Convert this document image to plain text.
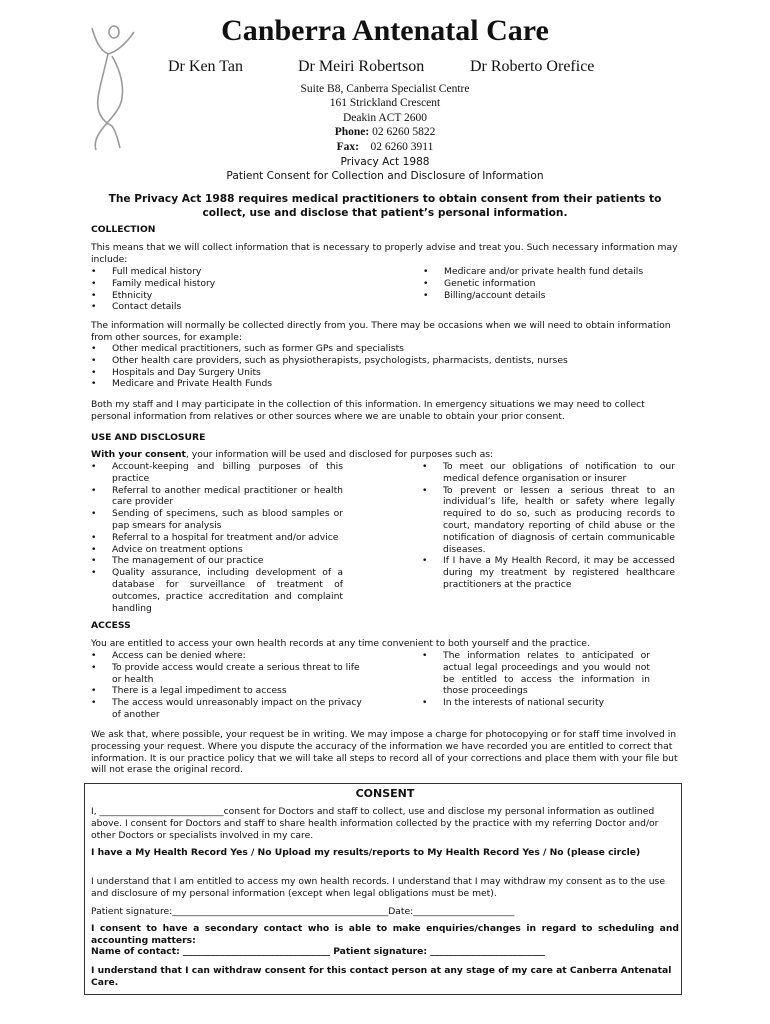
Canberra Antenatal Care
Dr Ken Tan	Dr Meiri Robertson	Dr Roberto Orefice
Suite B8, Canberra Specialist Centre
161 Strickland Crescent
Deakin ACT 2600
Phone: 02 6260 5822
Fax: 02 6260 3911
Privacy Act 1988
Patient Consent for Collection and Disclosure of Information
The Privacy Act 1988 requires medical practitioners to obtain consent from their patients to collect, use and disclose that patient’s personal information.
COLLECTION
This means that we will collect information that is necessary to properly advise and treat you. Such necessary information may include:
• Full medical history
• Family medical history
• Ethnicity
• Contact details
• Medicare and/or private health fund details
• Genetic information
• Billing/account details
The information will normally be collected directly from you. There may be occasions when we will need to obtain information from other sources, for example:
• Other medical practitioners, such as former GPs and specialists
• Other health care providers, such as physiotherapists, psychologists, pharmacists, dentists, nurses
• Hospitals and Day Surgery Units
• Medicare and Private Health Funds
Both my staff and I may participate in the collection of this information. In emergency situations we may need to collect personal information from relatives or other sources where we are unable to obtain your prior consent.
USE AND DISCLOSURE
With your consent, your information will be used and disclosed for purposes such as:
• Account-keeping and billing purposes of this practice
• Referral to another medical practitioner or health care provider
• Sending of specimens, such as blood samples or pap smears for analysis
• Referral to a hospital for treatment and/or advice
• Advice on treatment options
• The management of our practice
• Quality assurance, including development of a database for surveillance of treatment of outcomes, practice accreditation and complaint handling
• To meet our obligations of notification to our medical defence organisation or insurer
• To prevent or lessen a serious threat to an individual’s life, health or safety where legally required to do so, such as producing records to court, mandatory reporting of child abuse or the notification of diagnosis of certain communicable diseases.
• If I have a My Health Record, it may be accessed during my treatment by registered healthcare practitioners at the practice
ACCESS
You are entitled to access your own health records at any time convenient to both yourself and the practice.
• Access can be denied where:
• To provide access would create a serious threat to life or health
• There is a legal impediment to access
• The access would unreasonably impact on the privacy of another
• The information relates to anticipated or actual legal proceedings and you would not be entitled to access the information in those proceedings
• In the interests of national security
We ask that, where possible, your request be in writing. We may impose a charge for photocopying or for staff time involved in processing your request. Where you dispute the accuracy of the information we have recorded you are entitled to correct that information. It is our practice policy that we will take all steps to record all of your corrections and place them with your file but will not erase the original record.
CONSENT
I, ___________________________consent for Doctors and staff to collect, use and disclose my personal information as outlined above. I consent for Doctors and staff to share health information collected by the practice with my referring Doctor and/or other Doctors or specialists involved in my care.
I have a My Health Record Yes / No Upload my results/reports to My Health Record Yes / No (please circle)
I understand that I am entitled to access my own health records. I understand that I may withdraw my consent as to the use and disclosure of my personal information (except when legal obligations must be met).
Patient signature:_______________________________________________Date:______________________
I consent to have a secondary contact who is able to make enquiries/changes in regard to scheduling and accounting matters:
Name of contact: ________________________________ Patient signature: _________________________
I understand that I can withdraw consent for this contact person at any stage of my care at Canberra Antenatal Care.
